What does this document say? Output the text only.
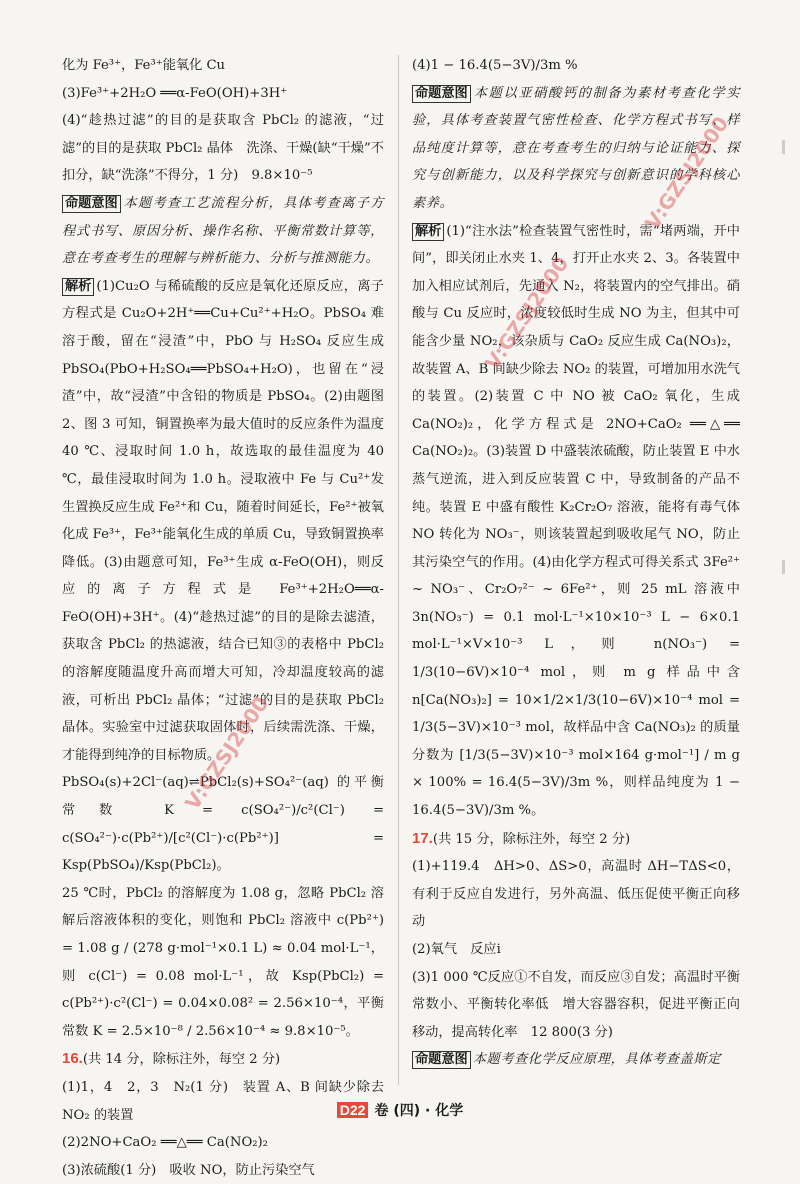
化为 Fe³⁺，Fe³⁺能氧化 Cu

(3)Fe³⁺+2H₂O ══α-FeO(OH)+3H⁺

(4)“趁热过滤”的目的是获取含 PbCl₂ 的滤液，“过滤”的目的是获取 PbCl₂ 晶体　洗涤、干燥(缺“干燥”不扣分，缺“洗涤”不得分，1 分)　9.8×10⁻⁵

命题意图 本题考查工艺流程分析，具体考查离子方程式书写、原因分析、操作名称、平衡常数计算等，意在考查考生的理解与辨析能力、分析与推测能力。

解析 (1)Cu₂O 与稀硫酸的反应是氧化还原反应，离子方程式是 Cu₂O+2H⁺══Cu+Cu²⁺+H₂O。PbSO₄ 难溶于酸，留在“浸渣”中，PbO 与 H₂SO₄ 反应生成 PbSO₄(PbO+H₂SO₄══PbSO₄+H₂O)，也留在“浸渣”中，故“浸渣”中含铅的物质是 PbSO₄。(2)由题图 2、图 3 可知，铜置换率为最大值时的反应条件为温度 40 ℃、浸取时间 1.0 h，故选取的最佳温度为 40 ℃，最佳浸取时间为 1.0 h。浸取液中 Fe 与 Cu²⁺发生置换反应生成 Fe²⁺和 Cu，随着时间延长，Fe²⁺被氧化成 Fe³⁺，Fe³⁺能氧化生成的单质 Cu，导致铜置换率降低。(3)由题意可知，Fe³⁺生成 α-FeO(OH)，则反应的离子方程式是 Fe³⁺+2H₂O══α-FeO(OH)+3H⁺。(4)“趁热过滤”的目的是除去滤渣，获取含 PbCl₂ 的热滤液，结合已知③的表格中 PbCl₂ 的溶解度随温度升高而增大可知，冷却温度较高的滤液，可析出 PbCl₂ 晶体；“过滤”的目的是获取 PbCl₂ 晶体。实验室中过滤获取固体时，后续需洗涤、干燥，才能得到纯净的目标物质。

PbSO₄(s)+2Cl⁻(aq)⇌PbCl₂(s)+SO₄²⁻(aq) 的平衡常数 K = c(SO₄²⁻)/c²(Cl⁻) = c(SO₄²⁻)·c(Pb²⁺)/[c²(Cl⁻)·c(Pb²⁺)] = Ksp(PbSO₄)/Ksp(PbCl₂)。

25 ℃时，PbCl₂ 的溶解度为 1.08 g，忽略 PbCl₂ 溶解后溶液体积的变化，则饱和 PbCl₂ 溶液中 c(Pb²⁺) = 1.08 g / (278 g·mol⁻¹×0.1 L) ≈ 0.04 mol·L⁻¹，则 c(Cl⁻) = 0.08 mol·L⁻¹，故 Ksp(PbCl₂) = c(Pb²⁺)·c²(Cl⁻) = 0.04×0.08² = 2.56×10⁻⁴，平衡常数 K = 2.5×10⁻⁸ / 2.56×10⁻⁴ ≈ 9.8×10⁻⁵。

16.(共 14 分，除标注外，每空 2 分)

(1)1，4　2，3　N₂(1 分)　装置 A、B 间缺少除去 NO₂ 的装置

(2)2NO+CaO₂ ══△══ Ca(NO₂)₂

(3)浓硫酸(1 分)　吸收 NO，防止污染空气

(4)1 − 16.4(5−3V)/3m %

命题意图 本题以亚硝酸钙的制备为素材考查化学实验，具体考查装置气密性检查、化学方程式书写、样品纯度计算等，意在考查考生的归纳与论证能力、探究与创新能力，以及科学探究与创新意识的学科核心素养。

解析 (1)“注水法”检查装置气密性时，需“堵两端，开中间”，即关闭止水夹 1、4，打开止水夹 2、3。各装置中加入相应试剂后，先通入 N₂，将装置内的空气排出。硝酸与 Cu 反应时，浓度较低时生成 NO 为主，但其中可能含少量 NO₂，该杂质与 CaO₂ 反应生成 Ca(NO₃)₂，故装置 A、B 间缺少除去 NO₂ 的装置，可增加用水洗气的装置。(2)装置 C 中 NO 被 CaO₂ 氧化，生成 Ca(NO₂)₂，化学方程式是 2NO+CaO₂ ══△══ Ca(NO₂)₂。(3)装置 D 中盛装浓硫酸，防止装置 E 中水蒸气逆流，进入到反应装置 C 中，导致制备的产品不纯。装置 E 中盛有酸性 K₂Cr₂O₇ 溶液，能将有毒气体 NO 转化为 NO₃⁻，则该装置起到吸收尾气 NO，防止其污染空气的作用。(4)由化学方程式可得关系式 3Fe²⁺ ~ NO₃⁻、Cr₂O₇²⁻ ~ 6Fe²⁺，则 25 mL 溶液中 3n(NO₃⁻) = 0.1 mol·L⁻¹×10×10⁻³ L − 6×0.1 mol·L⁻¹×V×10⁻³ L，则 n(NO₃⁻) = 1/3(10−6V)×10⁻⁴ mol，则 m g 样品中含 n[Ca(NO₃)₂] = 10×1/2×1/3(10−6V)×10⁻⁴ mol = 1/3(5−3V)×10⁻³ mol，故样品中含 Ca(NO₃)₂ 的质量分数为 [1/3(5−3V)×10⁻³ mol×164 g·mol⁻¹] / m g × 100% = 16.4(5−3V)/3m %，则样品纯度为 1 − 16.4(5−3V)/3m %。

17.(共 15 分，除标注外，每空 2 分)

(1)+119.4　ΔH>0、ΔS>0，高温时 ΔH−TΔS<0，有利于反应自发进行，另外高温、低压促使平衡正向移动

(2)氧气　反应ⅰ

(3)1 000 ℃反应①不自发，而反应③自发；高温时平衡常数小、平衡转化率低　增大容器容积，促进平衡正向移动，提高转化率　12 800(3 分)

命题意图 本题考查化学反应原理，具体考查盖斯定

V:GZSJ2000
V:GZSJ2000
V:GZSJ2000
D22 卷 (四) · 化学
